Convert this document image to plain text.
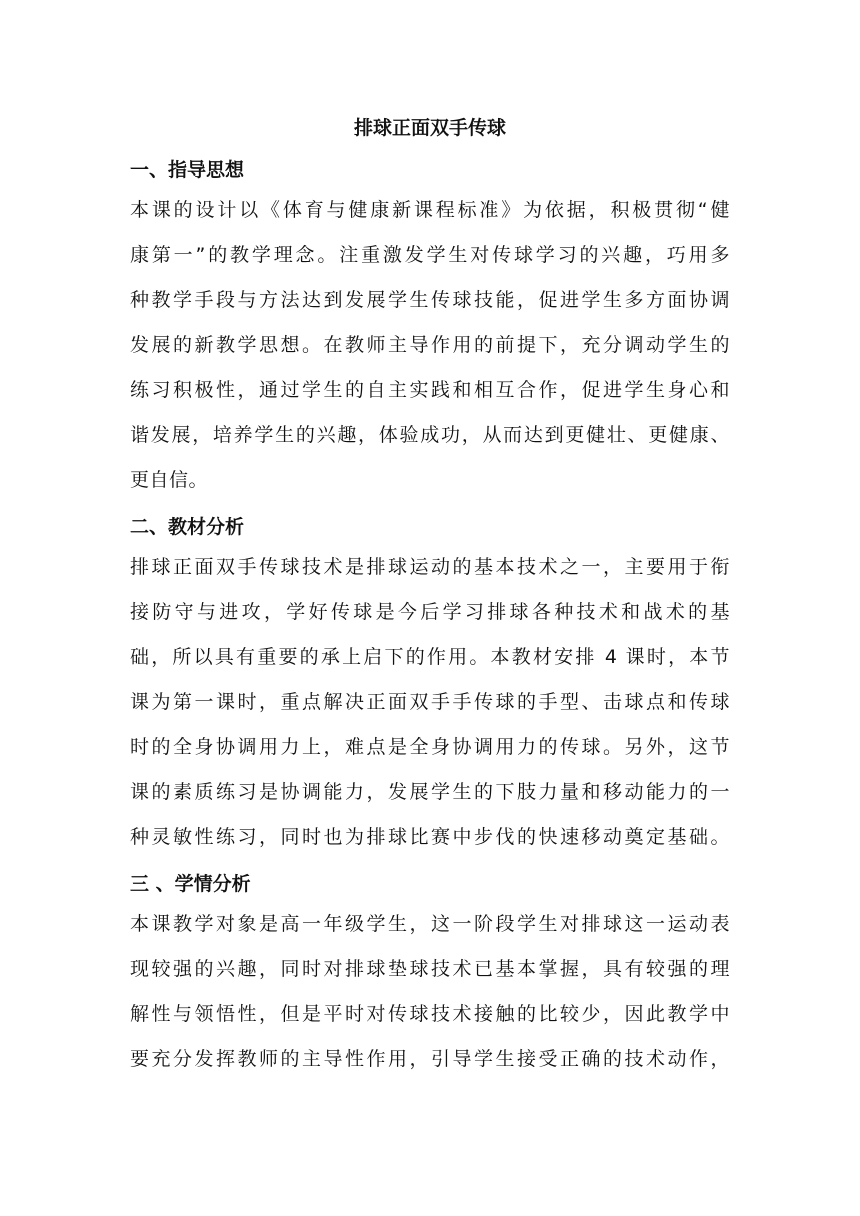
排球正面双手传球
一、指导思想

本课的设计以《体育与健康新课程标准》为依据，积极贯彻“健
康第一”的教学理念。注重激发学生对传球学习的兴趣，巧用多
种教学手段与方法达到发展学生传球技能，促进学生多方面协调
发展的新教学思想。在教师主导作用的前提下，充分调动学生的
练习积极性，通过学生的自主实践和相互合作，促进学生身心和
谐发展，培养学生的兴趣，体验成功，从而达到更健壮、更健康、
更自信。

二、教材分析

排球正面双手传球技术是排球运动的基本技术之一，主要用于衔
接防守与进攻，学好传球是今后学习排球各种技术和战术的基
础，所以具有重要的承上启下的作用。本教材安排 4 课时，本节
课为第一课时，重点解决正面双手手传球的手型、击球点和传球
时的全身协调用力上，难点是全身协调用力的传球。另外，这节
课的素质练习是协调能力，发展学生的下肢力量和移动能力的一
种灵敏性练习，同时也为排球比赛中步伐的快速移动奠定基础。

三 、学情分析

本课教学对象是高一年级学生，这一阶段学生对排球这一运动表
现较强的兴趣，同时对排球垫球技术已基本掌握，具有较强的理
解性与领悟性，但是平时对传球技术接触的比较少，因此教学中
要充分发挥教师的主导性作用，引导学生接受正确的技术动作，
